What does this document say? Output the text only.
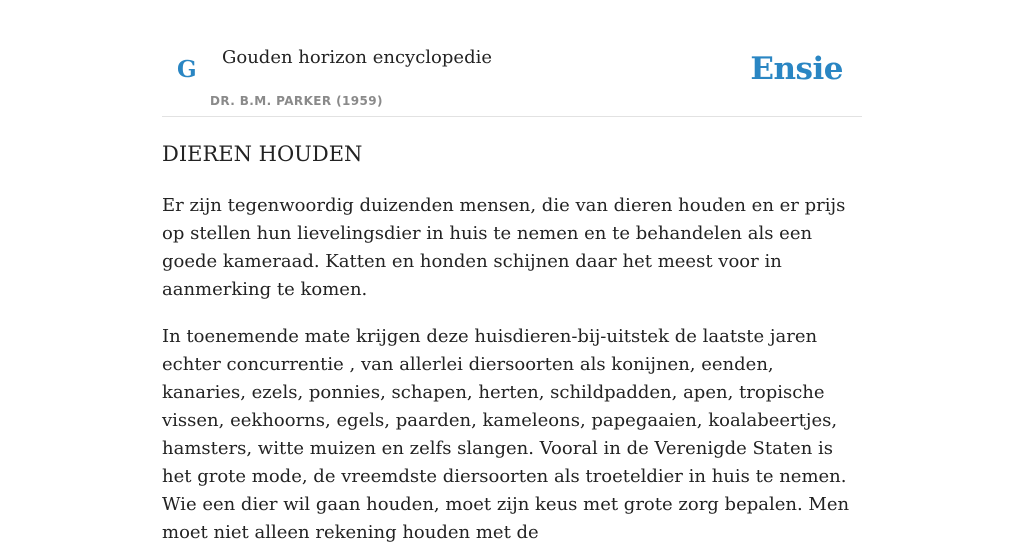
G Gouden horizon encyclopedie
DR. B.M. PARKER (1959)
Ensie
DIEREN HOUDEN

Er zijn tegenwoordig duizenden mensen, die van dieren houden en er prijs op stellen hun lievelingsdier in huis te nemen en te behandelen als een goede kameraad. Katten en honden schijnen daar het meest voor in aanmerking te komen.

In toenemende mate krijgen deze huisdieren-bij-uitstek de laatste jaren echter concurrentie , van allerlei diersoorten als konijnen, eenden, kanaries, ezels, ponnies, schapen, herten, schildpadden, apen, tropische vissen, eekhoorns, egels, paarden, kameleons, papegaaien, koalabeertjes, hamsters, witte muizen en zelfs slangen. Vooral in de Verenigde Staten is het grote mode, de vreemdste diersoorten als troeteldier in huis te nemen. Wie een dier wil gaan houden, moet zijn keus met grote zorg bepalen. Men moet niet alleen rekening houden met de
